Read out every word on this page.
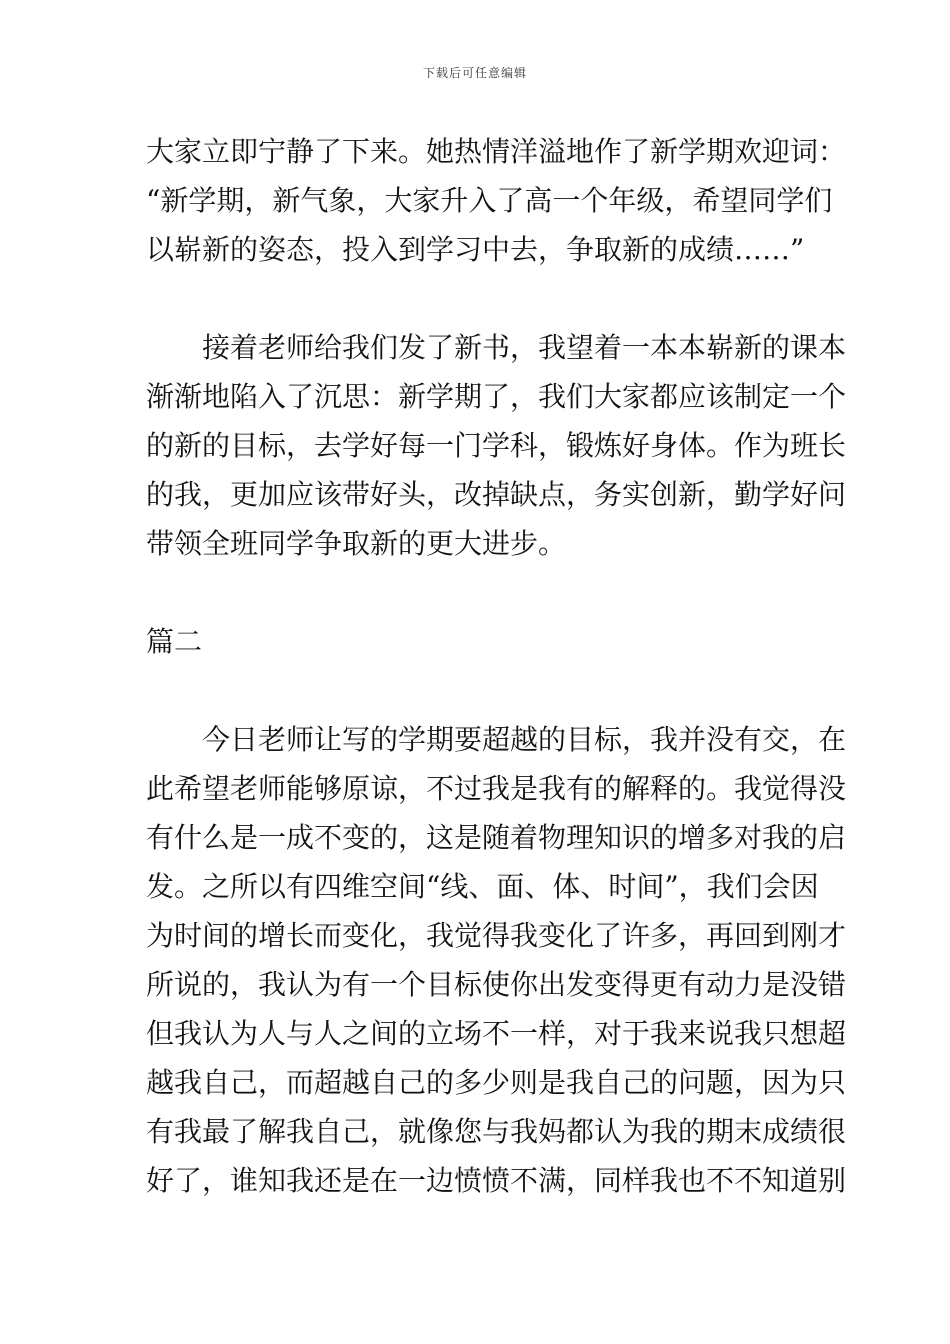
下载后可任意编辑
大家立即宁静了下来。她热情洋溢地作了新学期欢迎词：
“新学期，新气象，大家升入了高一个年级，希望同学们
以崭新的姿态，投入到学习中去，争取新的成绩……”
　　接着老师给我们发了新书，我望着一本本崭新的课本
渐渐地陷入了沉思：新学期了，我们大家都应该制定一个
的新的目标，去学好每一门学科，锻炼好身体。作为班长
的我，更加应该带好头，改掉缺点，务实创新，勤学好问
带领全班同学争取新的更大进步。
篇二
　　今日老师让写的学期要超越的目标，我并没有交，在
此希望老师能够原谅，不过我是我有的解释的。我觉得没
有什么是一成不变的，这是随着物理知识的增多对我的启
发。之所以有四维空间“线、面、体、时间”，我们会因
为时间的增长而变化，我觉得我变化了许多，再回到刚才
所说的，我认为有一个目标使你出发变得更有动力是没错
但我认为人与人之间的立场不一样，对于我来说我只想超
越我自己，而超越自己的多少则是我自己的问题，因为只
有我最了解我自己，就像您与我妈都认为我的期末成绩很
好了，谁知我还是在一边愤愤不满，同样我也不不知道别
